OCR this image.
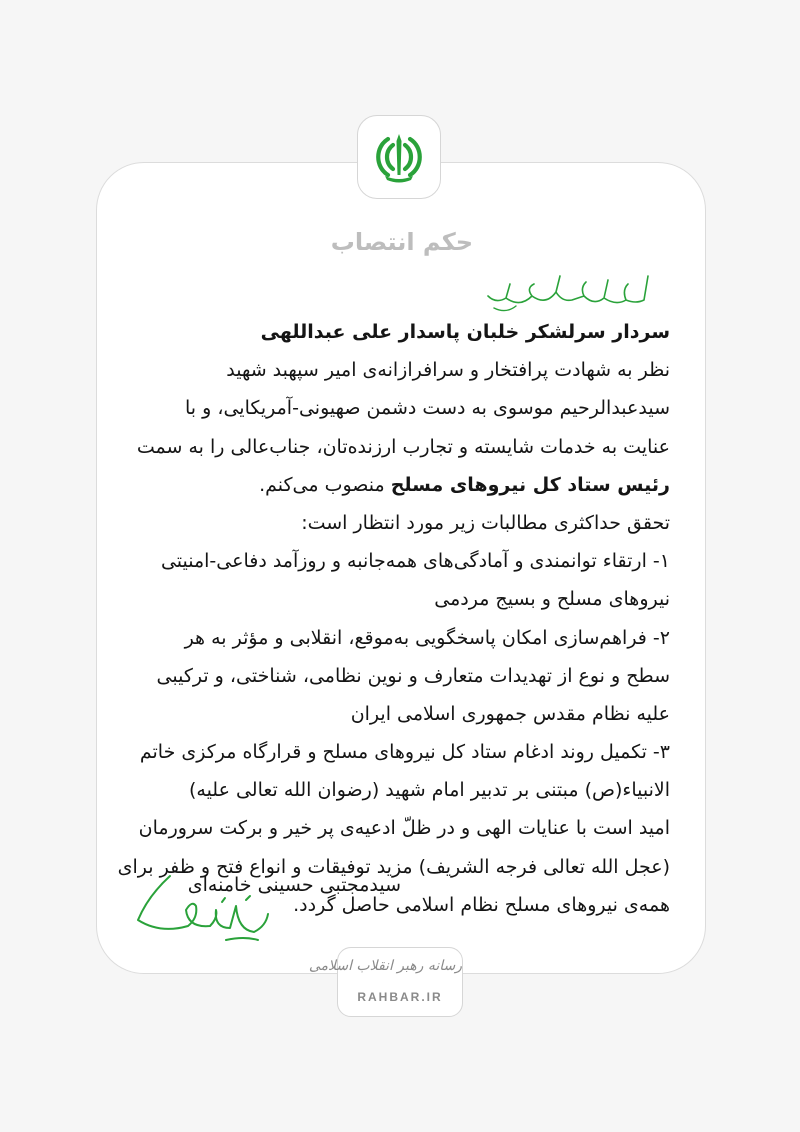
حکم انتصاب
سردار سرلشکر خلبان پاسدار علی عبداللهی
نظر به شهادت پرافتخار و سرافرازانه‌ی امیر سپهبد شهید
سیدعبدالرحیم موسوی به دست دشمن صهیونی-آمریکایی، و با
عنایت به خدمات شایسته و تجارب ارزنده‌تان، جناب‌عالی را به سمت
رئیس ستاد کل نیروهای مسلح منصوب می‌کنم.
تحقق حداکثری مطالبات زیر مورد انتظار است:
۱- ارتقاء توانمندی و آمادگی‌های همه‌جانبه و روزآمد دفاعی-امنیتی
نیروهای مسلح و بسیج مردمی
۲- فراهم‌سازی امکان پاسخگویی به‌موقع، انقلابی و مؤثر به هر
سطح و نوع از تهدیدات متعارف و نوین نظامی، شناختی، و ترکیبی
علیه نظام مقدس جمهوری اسلامی ایران
۳- تکمیل روند ادغام ستاد کل نیروهای مسلح و قرارگاه مرکزی خاتم
الانبیاء(ص) مبتنی بر تدبیر امام شهید (رضوان الله تعالی علیه)
امید است با عنایات الهی و در ظلّ ادعیه‌ی پر خیر و برکت سرورمان
(عجل الله تعالی فرجه الشریف) مزید توفیقات و انواع فتح و ظفر برای
همه‌ی نیروهای مسلح نظام اسلامی حاصل گردد.
سیدمجتبی حسینی خامنه‌ای
رسانه رهبر انقلاب اسلامی
RAHBAR.IR
